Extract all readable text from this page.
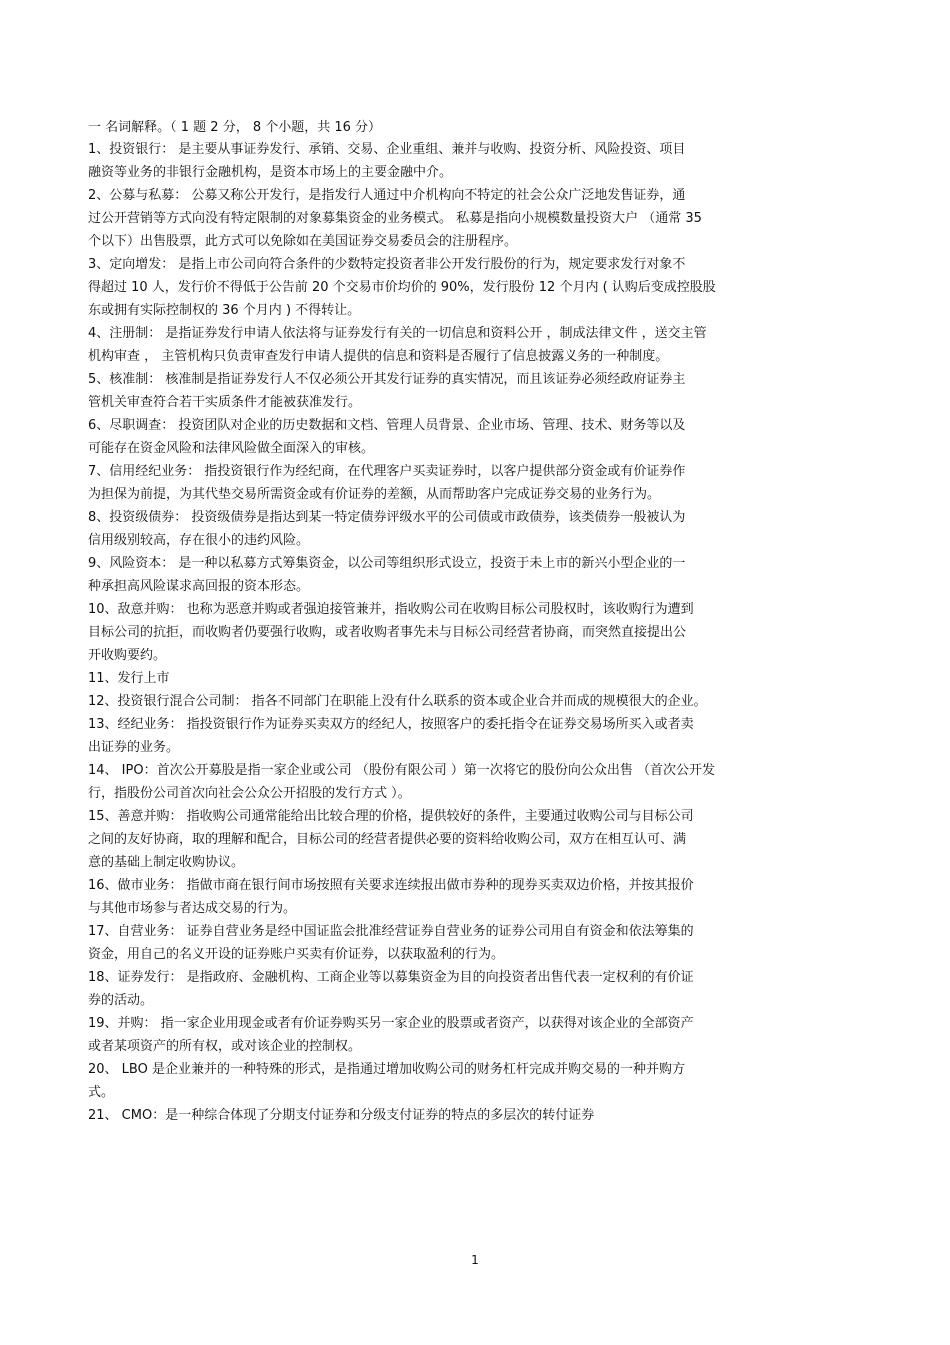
一 名词解释。（ 1 题 2 分， 8 个小题，共 16 分）
1、投资银行： 是主要从事证券发行、承销、交易、企业重组、兼并与收购、投资分析、风险投资、项目
融资等业务的非银行金融机构，是资本市场上的主要金融中介。
2、公募与私募： 公募又称公开发行，是指发行人通过中介机构向不特定的社会公众广泛地发售证券，通
过公开营销等方式向没有特定限制的对象募集资金的业务模式。 私募是指向小规模数量投资大户 （通常 35
个以下）出售股票，此方式可以免除如在美国证券交易委员会的注册程序。
3、定向增发： 是指上市公司向符合条件的少数特定投资者非公开发行股份的行为，规定要求发行对象不
得超过 10 人，发行价不得低于公告前 20 个交易市价均价的 90%，发行股份 12 个月内 ( 认购后变成控股股
东或拥有实际控制权的 36 个月内 ) 不得转让。
4、注册制： 是指证券发行申请人依法将与证券发行有关的一切信息和资料公开 ，制成法律文件 ，送交主管
机构审查 ， 主管机构只负责审查发行申请人提供的信息和资料是否履行了信息披露义务的一种制度。
5、核准制： 核准制是指证券发行人不仅必须公开其发行证券的真实情况，而且该证券必须经政府证券主
管机关审查符合若干实质条件才能被获准发行。
6、尽职调查： 投资团队对企业的历史数据和文档、管理人员背景、企业市场、管理、技术、财务等以及
可能存在资金风险和法律风险做全面深入的审核。
7、信用经纪业务： 指投资银行作为经纪商，在代理客户买卖证券时，以客户提供部分资金或有价证券作
为担保为前提，为其代垫交易所需资金或有价证券的差额，从而帮助客户完成证券交易的业务行为。
8、投资级债券： 投资级债券是指达到某一特定债券评级水平的公司债或市政债券，该类债券一般被认为
信用级别较高，存在很小的违约风险。
9、风险资本： 是一种以私募方式筹集资金，以公司等组织形式设立，投资于未上市的新兴小型企业的一
种承担高风险谋求高回报的资本形态。
10、敌意并购： 也称为恶意并购或者强迫接管兼并，指收购公司在收购目标公司股权时，该收购行为遭到
目标公司的抗拒，而收购者仍要强行收购，或者收购者事先未与目标公司经营者协商，而突然直接提出公
开收购要约。
11、发行上市
12、投资银行混合公司制： 指各不同部门在职能上没有什么联系的资本或企业合并而成的规模很大的企业。
13、经纪业务： 指投资银行作为证券买卖双方的经纪人，按照客户的委托指令在证券交易场所买入或者卖
出证券的业务。
14、 IPO：首次公开募股是指一家企业或公司 （股份有限公司 ）第一次将它的股份向公众出售 （首次公开发
行，指股份公司首次向社会公众公开招股的发行方式 ）。
15、善意并购： 指收购公司通常能给出比较合理的价格，提供较好的条件，主要通过收购公司与目标公司
之间的友好协商，取的理解和配合，目标公司的经营者提供必要的资料给收购公司，双方在相互认可、满
意的基础上制定收购协议。
16、做市业务： 指做市商在银行间市场按照有关要求连续报出做市券种的现券买卖双边价格，并按其报价
与其他市场参与者达成交易的行为。
17、自营业务： 证券自营业务是经中国证监会批准经营证券自营业务的证券公司用自有资金和依法筹集的
资金，用自己的名义开设的证券账户买卖有价证券，以获取盈利的行为。
18、证券发行： 是指政府、金融机构、工商企业等以募集资金为目的向投资者出售代表一定权利的有价证
券的活动。
19、并购： 指一家企业用现金或者有价证券购买另一家企业的股票或者资产，以获得对该企业的全部资产
或者某项资产的所有权，或对该企业的控制权。
20、 LBO 是企业兼并的一种特殊的形式，是指通过增加收购公司的财务杠杆完成并购交易的一种并购方
式。
21、 CMO：是一种综合体现了分期支付证券和分级支付证券的特点的多层次的转付证券
1
